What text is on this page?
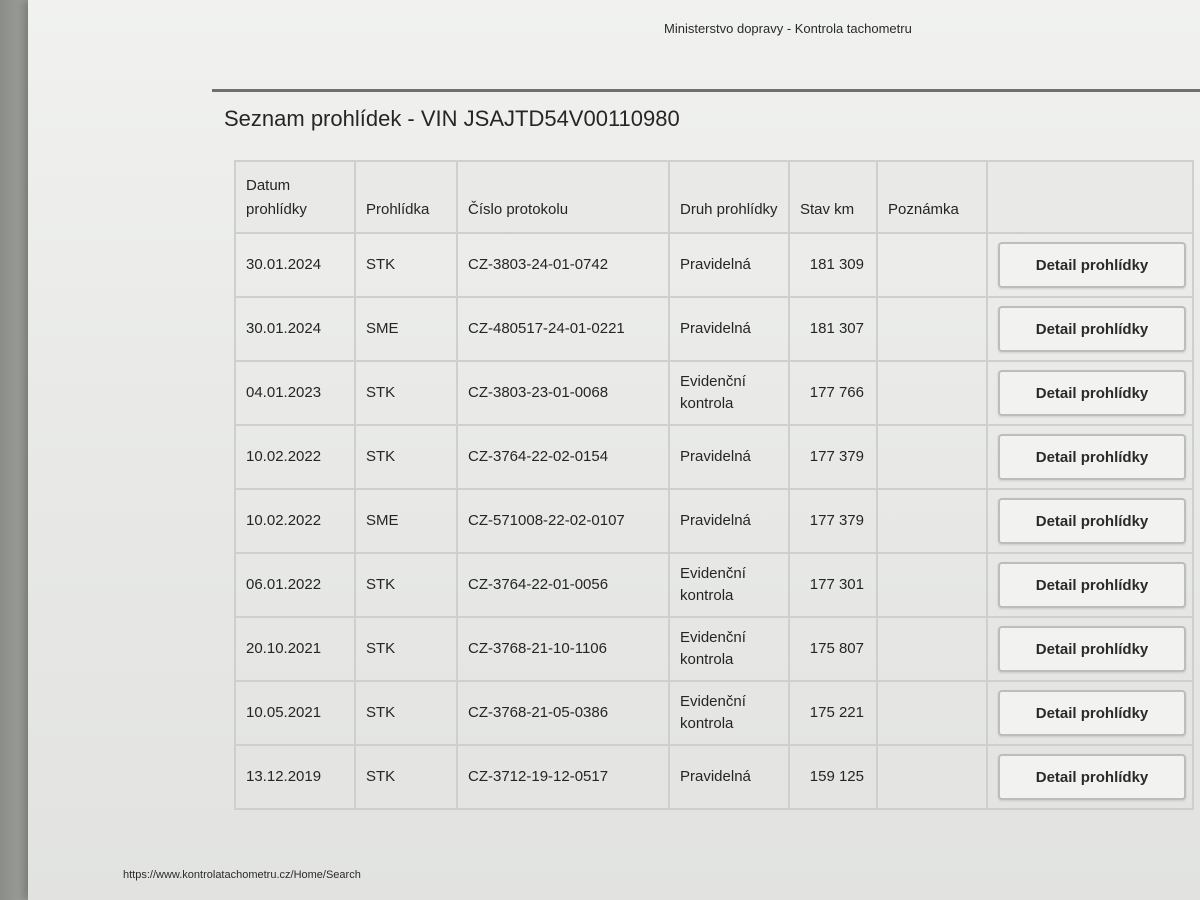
Ministerstvo dopravy - Kontrola tachometru
Seznam prohlídek - VIN JSAJTD54V00110980
Datum prohlídky	Prohlídka	Číslo protokolu	Druh prohlídky	Stav km	Poznámka	
30.01.2024	STK	CZ-3803-24-01-0742	Pravidelná	181 309		Detail prohlídky

30.01.2024	SME	CZ-480517-24-01-0221	Pravidelná	181 307		Detail prohlídky

04.01.2023	STK	CZ-3803-23-01-0068	Evidenční kontrola	177 766		Detail prohlídky

10.02.2022	STK	CZ-3764-22-02-0154	Pravidelná	177 379		Detail prohlídky

10.02.2022	SME	CZ-571008-22-02-0107	Pravidelná	177 379		Detail prohlídky

06.01.2022	STK	CZ-3764-22-01-0056	Evidenční kontrola	177 301		Detail prohlídky

20.10.2021	STK	CZ-3768-21-10-1106	Evidenční kontrola	175 807		Detail prohlídky

10.05.2021	STK	CZ-3768-21-05-0386	Evidenční kontrola	175 221		Detail prohlídky

13.12.2019	STK	CZ-3712-19-12-0517	Pravidelná	159 125		Detail prohlídky
https://www.kontrolatachometru.cz/Home/Search
